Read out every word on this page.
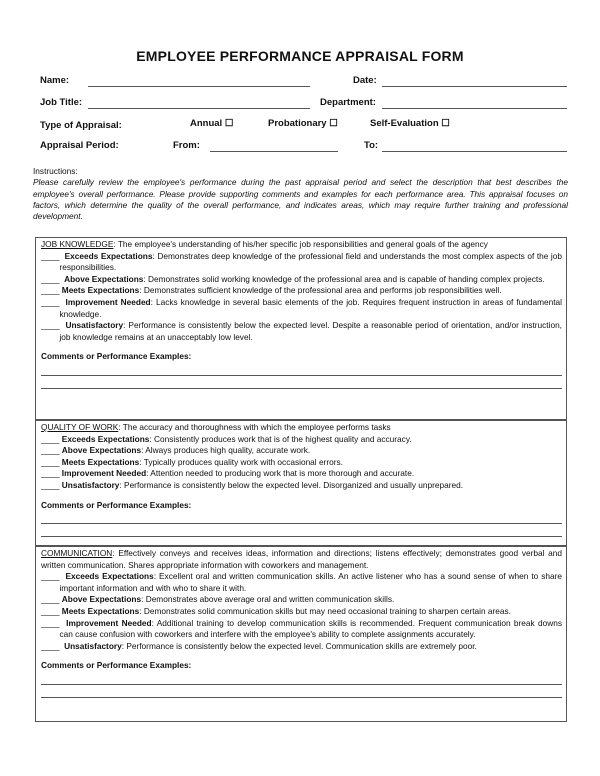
EMPLOYEE PERFORMANCE APPRAISAL FORM
Name:	Date:
Job Title:	Department:
Type of Appraisal:	Annual ☐	Probationary ☐	Self-Evaluation ☐
Appraisal Period:	From:	To:
Instructions:
Please carefully review the employee's performance during the past appraisal period and select the description that best describes the employee's overall performance. Please provide supporting comments and examples for each performance area. This appraisal focuses on factors, which determine the quality of the overall performance, and indicates areas, which may require further training and professional development.
JOB KNOWLEDGE: The employee's understanding of his/her specific job responsibilities and general goals of the agency
____ Exceeds Expectations: Demonstrates deep knowledge of the professional field and understands the most complex aspects of the job responsibilities.
____ Above Expectations: Demonstrates solid working knowledge of the professional area and is capable of handing complex projects.
____ Meets Expectations: Demonstrates sufficient knowledge of the professional area and performs job responsibilities well.
____ Improvement Needed: Lacks knowledge in several basic elements of the job. Requires frequent instruction in areas of fundamental knowledge.
____ Unsatisfactory: Performance is consistently below the expected level. Despite a reasonable period of orientation, and/or instruction, job knowledge remains at an unacceptably low level.
Comments or Performance Examples:
QUALITY OF WORK: The accuracy and thoroughness with which the employee performs tasks
____ Exceeds Expectations: Consistently produces work that is of the highest quality and accuracy.
____ Above Expectations: Always produces high quality, accurate work.
____ Meets Expectations: Typically produces quality work with occasional errors.
____ Improvement Needed: Attention needed to producing work that is more thorough and accurate.
____ Unsatisfactory: Performance is consistently below the expected level. Disorganized and usually unprepared.
Comments or Performance Examples:
COMMUNICATION: Effectively conveys and receives ideas, information and directions; listens effectively; demonstrates good verbal and written communication. Shares appropriate information with coworkers and management.
____ Exceeds Expectations: Excellent oral and written communication skills. An active listener who has a sound sense of when to share important information and with who to share it with.
____ Above Expectations: Demonstrates above average oral and written communication skills.
____ Meets Expectations: Demonstrates solid communication skills but may need occasional training to sharpen certain areas.
____ Improvement Needed: Additional training to develop communication skills is recommended. Frequent communication break downs can cause confusion with coworkers and interfere with the employee's ability to complete assignments accurately.
____ Unsatisfactory: Performance is consistently below the expected level. Communication skills are extremely poor.
Comments or Performance Examples:
